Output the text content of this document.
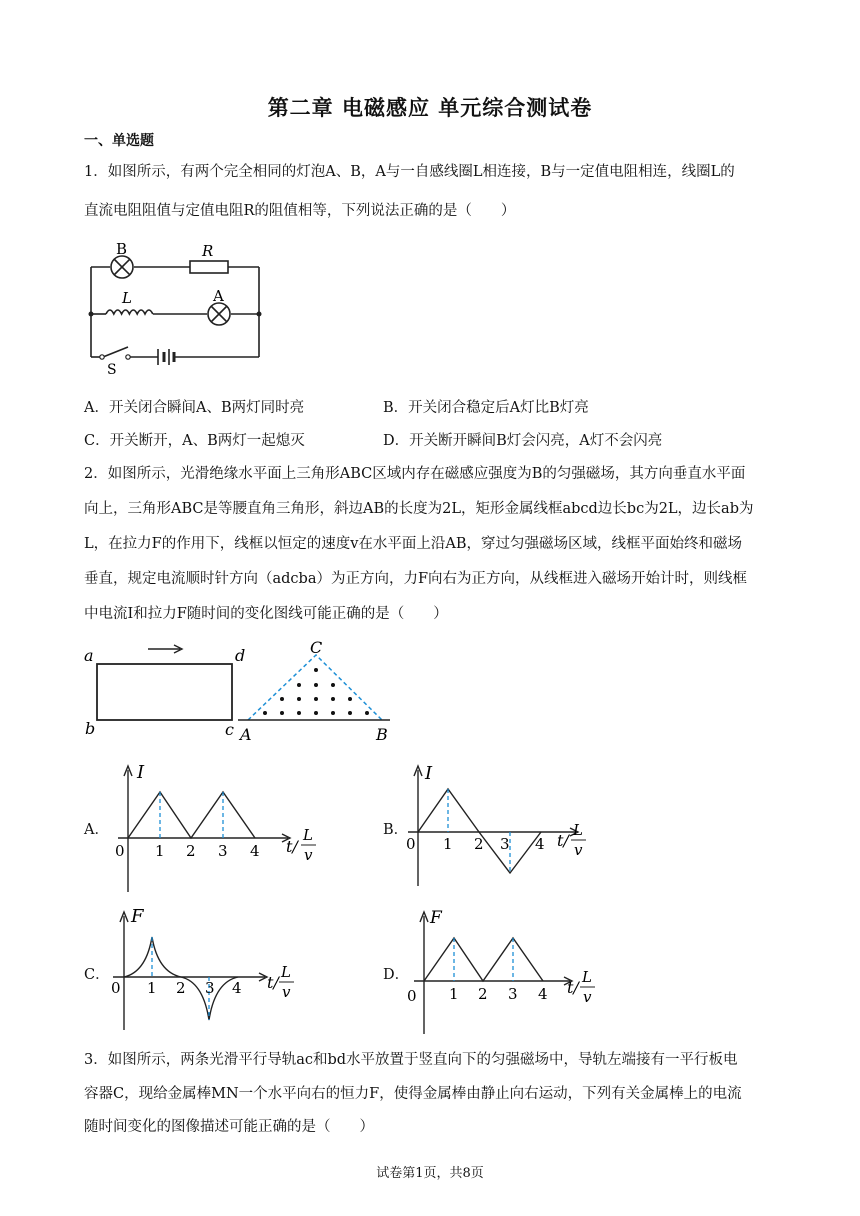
第二章 电磁感应 单元综合测试卷
一、单选题
1．如图所示，有两个完全相同的灯泡A、B，A与一自感线圈L相连接，B与一定值电阻相连，线圈L的
直流电阻阻值与定值电阻R的阻值相等，下列说法正确的是（　　）
B	R
L	A
S
A．开关闭合瞬间A、B两灯同时亮	B．开关闭合稳定后A灯比B灯亮
C．开关断开，A、B两灯一起熄灭	D．开关断开瞬间B灯会闪亮，A灯不会闪亮
2．如图所示，光滑绝缘水平面上三角形ABC区域内存在磁感应强度为B的匀强磁场，其方向垂直水平面
向上，三角形ABC是等腰直角三角形，斜边AB的长度为2L，矩形金属线框abcd边长bc为2L，边长ab为
L，在拉力F的作用下，线框以恒定的速度v在水平面上沿AB，穿过匀强磁场区域，线框平面始终和磁场
垂直，规定电流顺时针方向（adcba）为正方向，力F向右为正方向，从线框进入磁场开始计时，则线框
中电流I和拉力F随时间的变化图线可能正确的是（　　）
a	d
b	c A	B
C
A．	B．
C．	D．
I
0 1 2 3 4 t/
L
v
I
0 1 2 3 4 t/
L
v
F
0 1 2 3 4 t/
L
v
F
0 1 2 3 4 t/
L
v
3．如图所示，两条光滑平行导轨ac和bd水平放置于竖直向下的匀强磁场中，导轨左端接有一平行板电
容器C，现给金属棒MN一个水平向右的恒力F，使得金属棒由静止向右运动，下列有关金属棒上的电流
随时间变化的图像描述可能正确的是（　　）
试卷第1页，共8页
